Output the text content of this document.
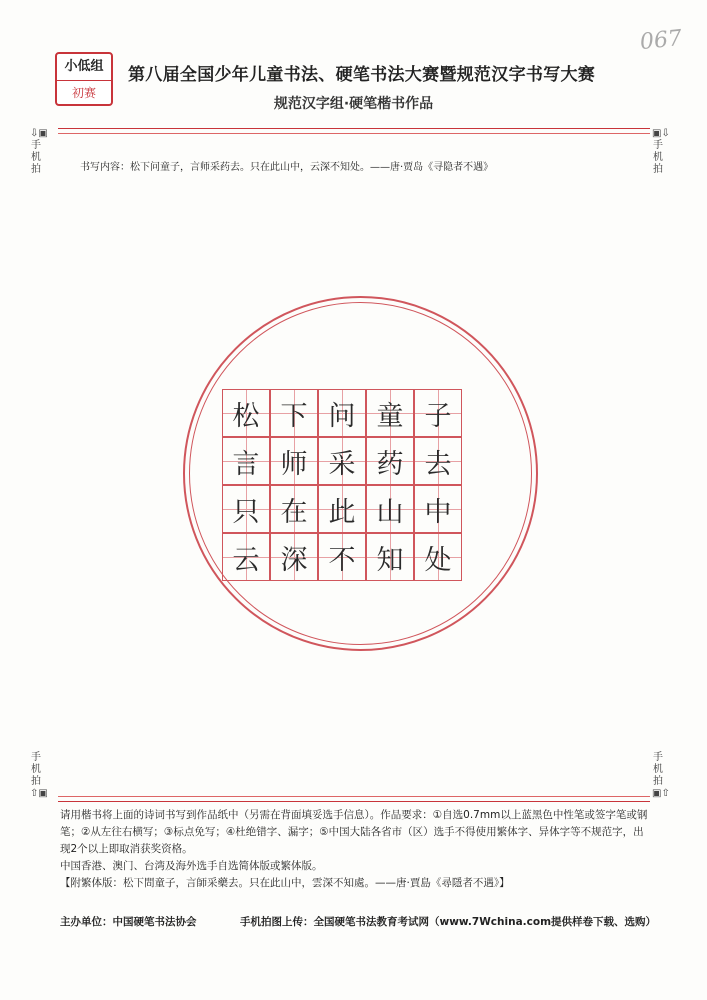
小低组
初赛
第八届全国少年儿童书法、硬笔书法大赛暨规范汉字书写大赛
规范汉字组·硬笔楷书作品
067
⇩▣
手机拍
▣⇩
手机拍
书写内容：松下问童子，言师采药去。只在此山中，云深不知处。——唐·贾岛《寻隐者不遇》
松 下 问 童 子
言 师 采 药 去
只 在 此 山 中
云 深 不 知 处
手机拍
⇧▣
手机拍
▣⇧

请用楷书将上面的诗词书写到作品纸中（另需在背面填妥选手信息）。作品要求：①自选0.7mm以上蓝黑色中性笔或签字笔或钢笔；②从左往右横写；③标点免写；④杜绝错字、漏字；⑤中国大陆各省市（区）选手不得使用繁体字、异体字等不规范字，出现2个以上即取消获奖资格。

中国香港、澳门、台湾及海外选手自选简体版或繁体版。

【附繁体版：松下問童子，言師采藥去。只在此山中，雲深不知處。——唐·賈島《尋隱者不遇》】

主办单位：中国硬笔书法协会	手机拍图上传：全国硬笔书法教育考试网（www.7Wchina.com提供样卷下载、选购）
